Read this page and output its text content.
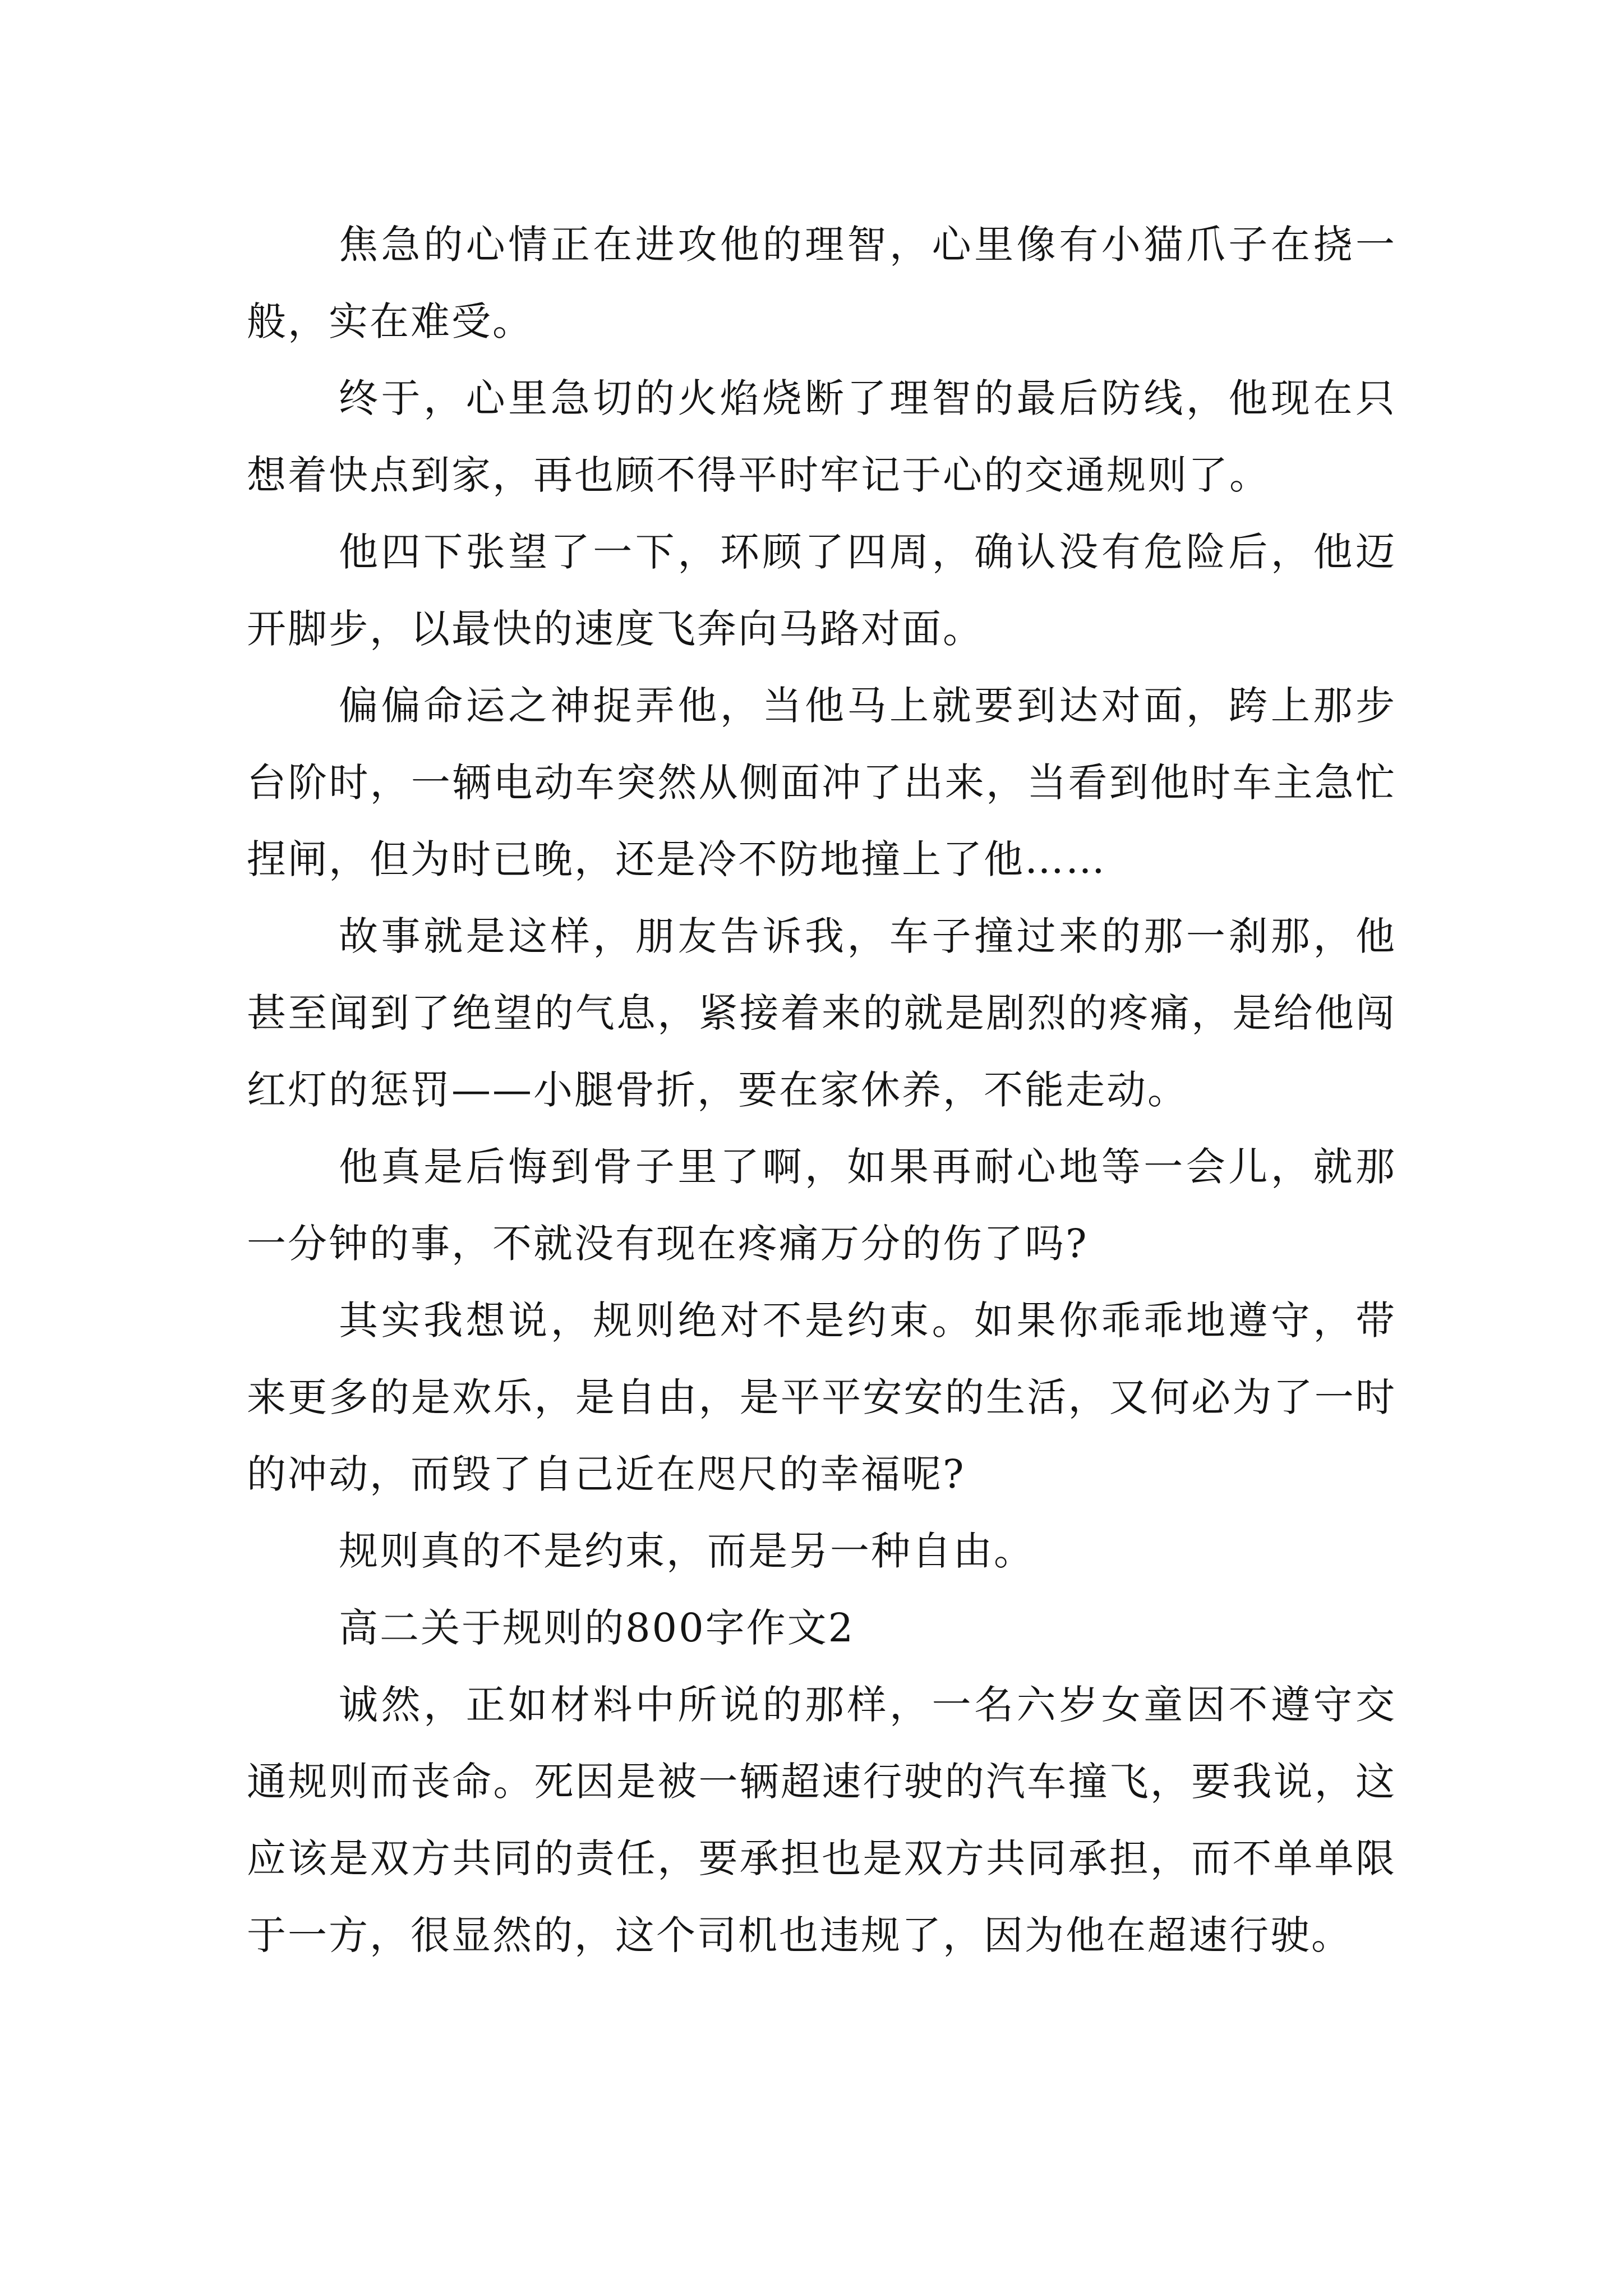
焦急的心情正在进攻他的理智，心里像有小猫爪子在挠一般，实在难受。

终于，心里急切的火焰烧断了理智的最后防线，他现在只想着快点到家，再也顾不得平时牢记于心的交通规则了。

他四下张望了一下，环顾了四周，确认没有危险后，他迈开脚步，以最快的速度飞奔向马路对面。

偏偏命运之神捉弄他，当他马上就要到达对面，跨上那步台阶时，一辆电动车突然从侧面冲了出来，当看到他时车主急忙捏闸，但为时已晚，还是冷不防地撞上了他……

故事就是这样，朋友告诉我，车子撞过来的那一刹那，他甚至闻到了绝望的气息，紧接着来的就是剧烈的疼痛，是给他闯红灯的惩罚——小腿骨折，要在家休养，不能走动。

他真是后悔到骨子里了啊，如果再耐心地等一会儿，就那一分钟的事，不就没有现在疼痛万分的伤了吗?

其实我想说，规则绝对不是约束。如果你乖乖地遵守，带来更多的是欢乐，是自由，是平平安安的生活，又何必为了一时的冲动，而毁了自己近在咫尺的幸福呢?

规则真的不是约束，而是另一种自由。

高二关于规则的800字作文2

诚然，正如材料中所说的那样，一名六岁女童因不遵守交通规则而丧命。死因是被一辆超速行驶的汽车撞飞，要我说，这应该是双方共同的责任，要承担也是双方共同承担，而不单单限于一方，很显然的，这个司机也违规了，因为他在超速行驶。
